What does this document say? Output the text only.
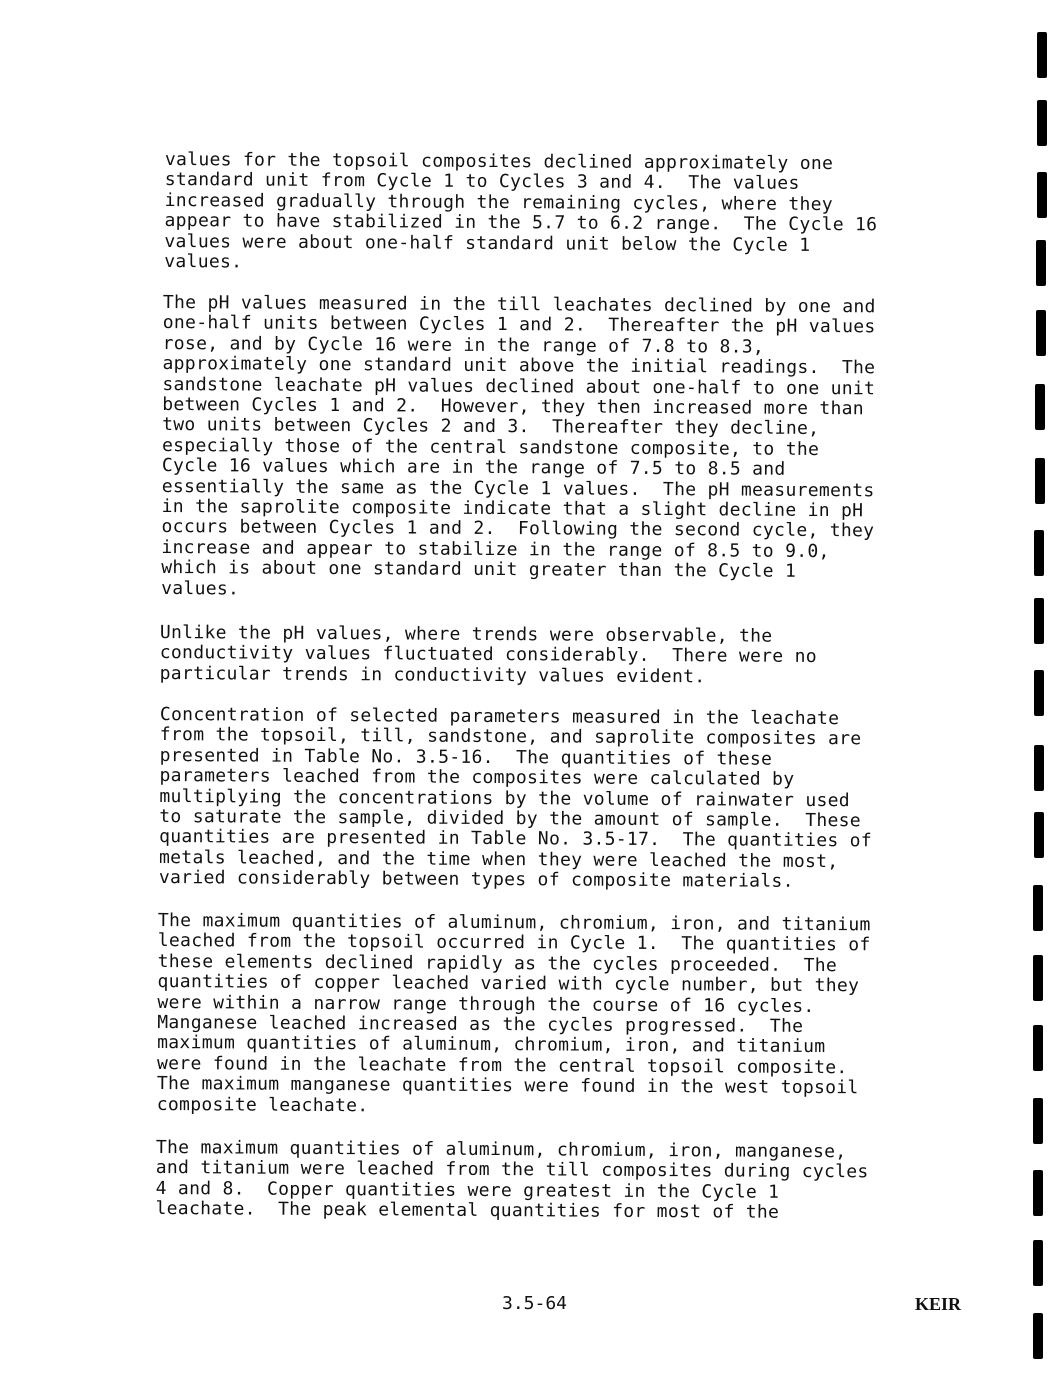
values for the topsoil composites declined approximately one
standard unit from Cycle 1 to Cycles 3 and 4.  The values
increased gradually through the remaining cycles, where they
appear to have stabilized in the 5.7 to 6.2 range.  The Cycle 16
values were about one-half standard unit below the Cycle 1
values.

The pH values measured in the till leachates declined by one and
one-half units between Cycles 1 and 2.  Thereafter the pH values
rose, and by Cycle 16 were in the range of 7.8 to 8.3,
approximately one standard unit above the initial readings.  The
sandstone leachate pH values declined about one-half to one unit
between Cycles 1 and 2.  However, they then increased more than
two units between Cycles 2 and 3.  Thereafter they decline,
especially those of the central sandstone composite, to the
Cycle 16 values which are in the range of 7.5 to 8.5 and
essentially the same as the Cycle 1 values.  The pH measurements
in the saprolite composite indicate that a slight decline in pH
occurs between Cycles 1 and 2.  Following the second cycle, they
increase and appear to stabilize in the range of 8.5 to 9.0,
which is about one standard unit greater than the Cycle 1
values.

Unlike the pH values, where trends were observable, the
conductivity values fluctuated considerably.  There were no
particular trends in conductivity values evident.

Concentration of selected parameters measured in the leachate
from the topsoil, till, sandstone, and saprolite composites are
presented in Table No. 3.5-16.  The quantities of these
parameters leached from the composites were calculated by
multiplying the concentrations by the volume of rainwater used
to saturate the sample, divided by the amount of sample.  These
quantities are presented in Table No. 3.5-17.  The quantities of
metals leached, and the time when they were leached the most,
varied considerably between types of composite materials.

The maximum quantities of aluminum, chromium, iron, and titanium
leached from the topsoil occurred in Cycle 1.  The quantities of
these elements declined rapidly as the cycles proceeded.  The
quantities of copper leached varied with cycle number, but they
were within a narrow range through the course of 16 cycles.
Manganese leached increased as the cycles progressed.  The
maximum quantities of aluminum, chromium, iron, and titanium
were found in the leachate from the central topsoil composite.
The maximum manganese quantities were found in the west topsoil
composite leachate.

The maximum quantities of aluminum, chromium, iron, manganese,
and titanium were leached from the till composites during cycles
4 and 8.  Copper quantities were greatest in the Cycle 1
leachate.  The peak elemental quantities for most of the

3.5-64	KEIR
